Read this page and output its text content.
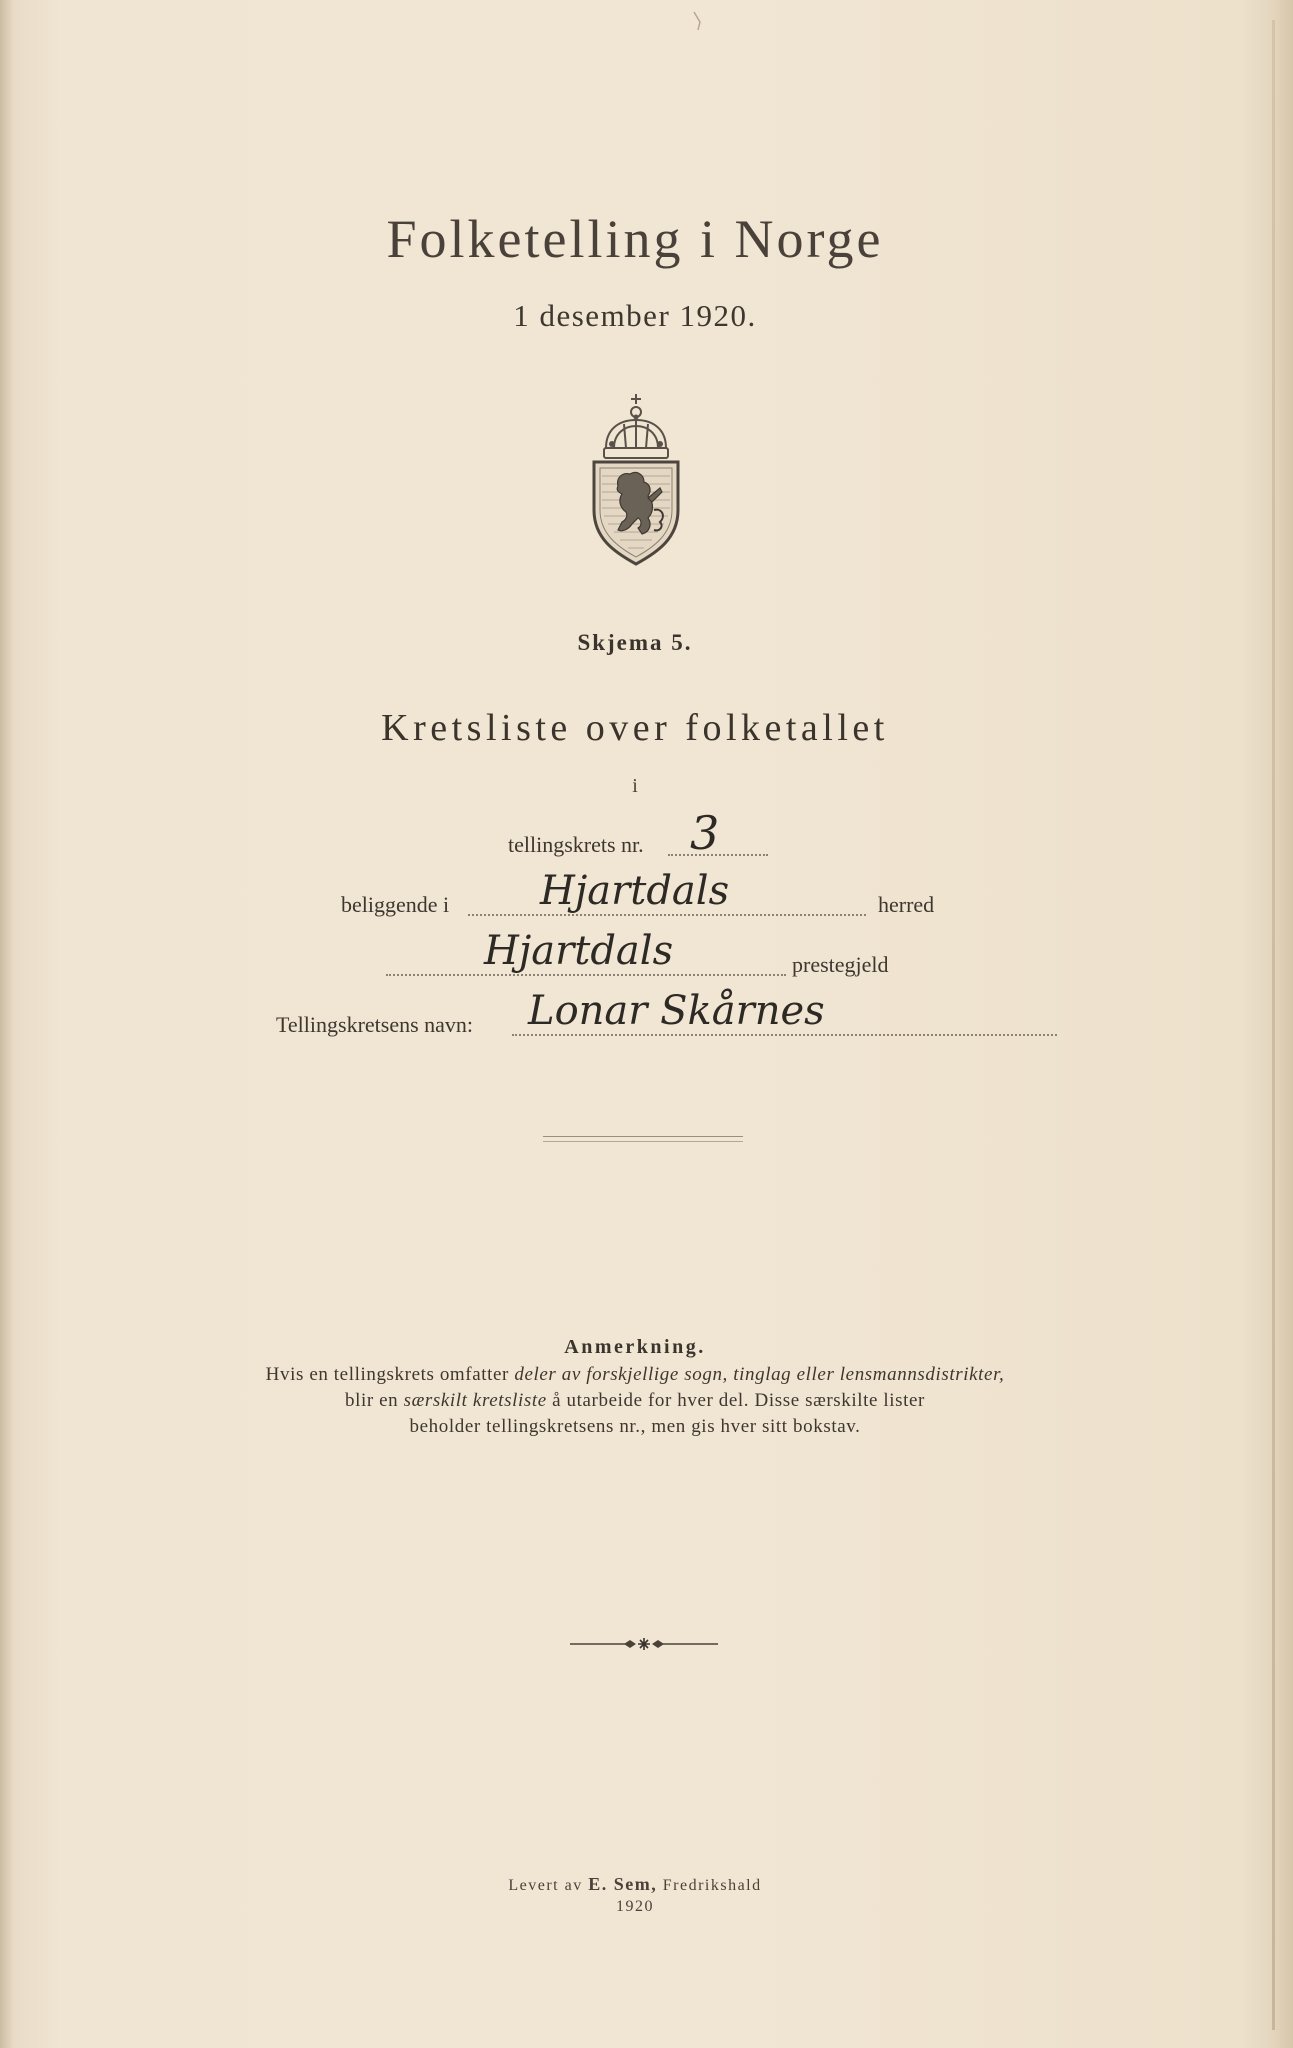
Folketelling i Norge
1 desember 1920.
Skjema 5.
Kretsliste over folketallet
i
tellingskrets nr. 3
beliggende i Hjartdals	herred
Hjartdals	prestegjeld
Tellingskretsens navn: Lonar Skårnes
Anmerkning.
Hvis en tellingskrets omfatter deler av forskjellige sogn, tinglag eller lensmannsdistrikter,
blir en særskilt kretsliste å utarbeide for hver del. Disse særskilte lister
beholder tellingskretsens nr., men gis hver sitt bokstav.
Levert av E. Sem, Fredrikshald
1920
